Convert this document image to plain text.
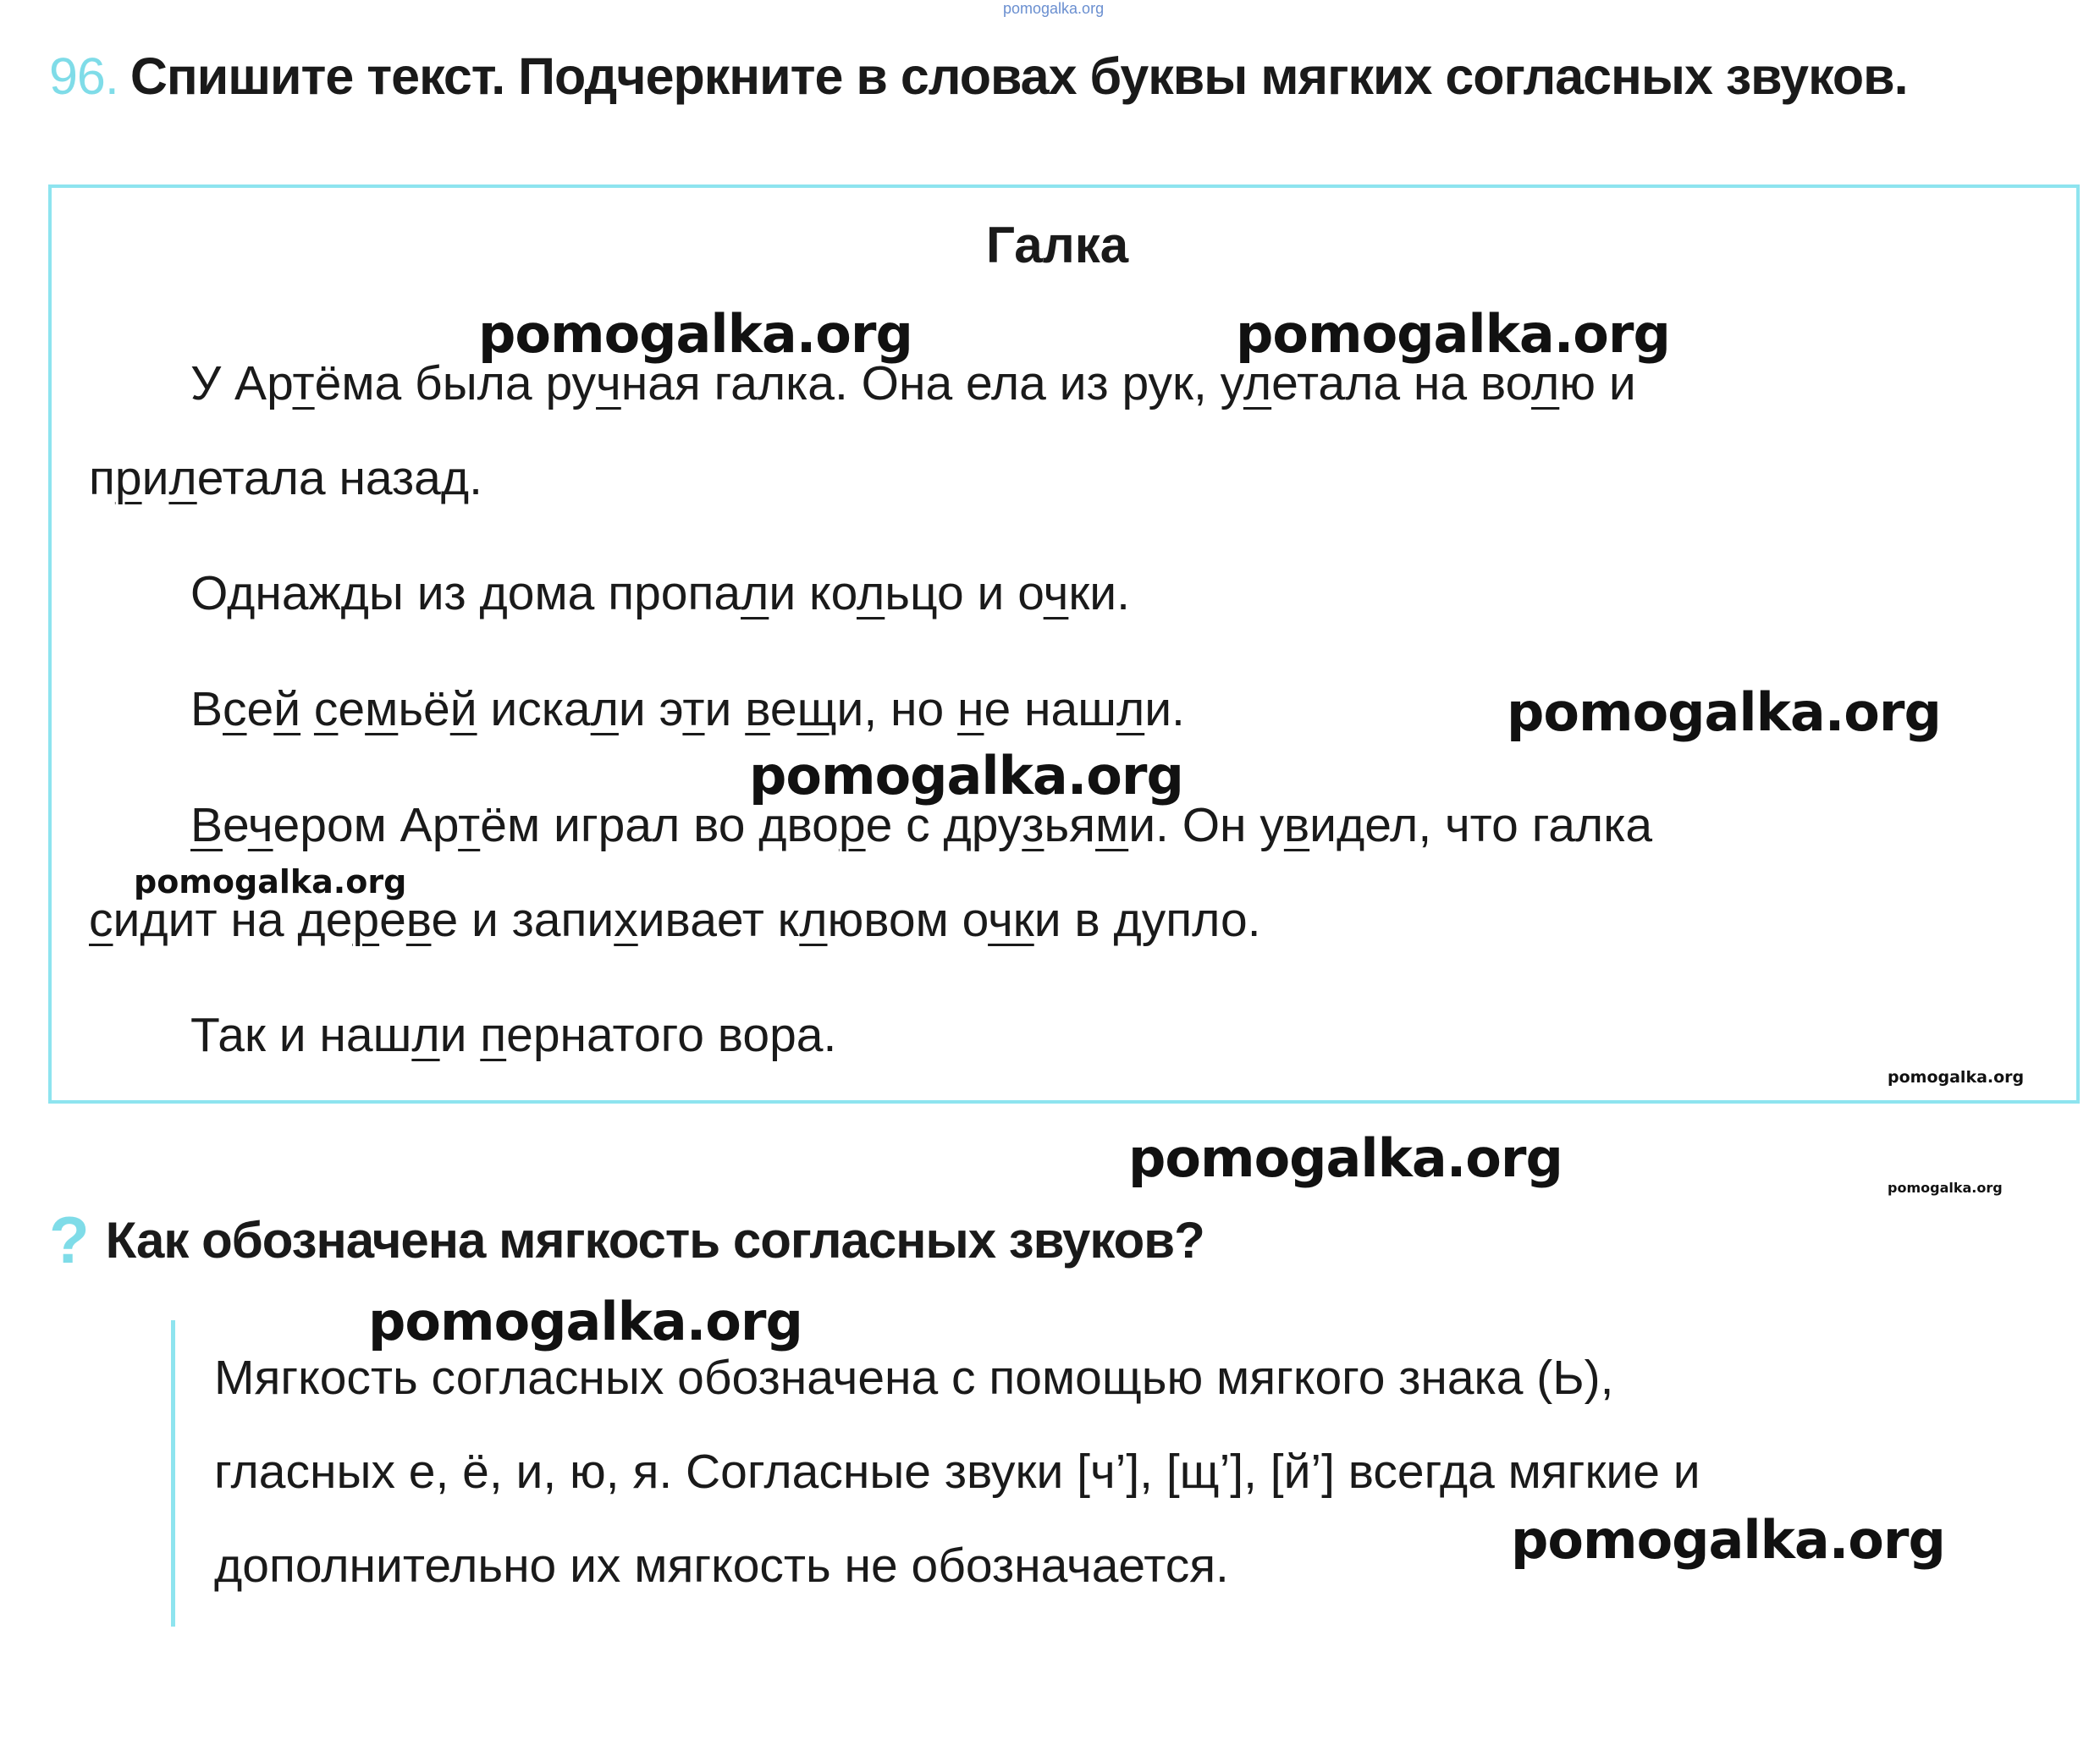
pomogalka.org
96. Спишите текст. Подчеркните в словах буквы мягких согласных звуков.
Галка
У Артёма была ручная галка. Она ела из рук, улетала на волю и
прилетала назад.
Однажды из дома пропали кольцо и очки.
Всей семьёй искали эти вещи, но не нашли.
Вечером Артём играл во дворе с друзьями. Он увидел, что галка
сидит на дереве и запихивает клювом очки в дупло.
Так и нашли пернатого вора.
pomogalka.org	pomogalka.org
pomogalka.org
pomogalka.org
pomogalka.org
pomogalka.org
pomogalka.org	pomogalka.org
? Как обозначена мягкость согласных звуков?
pomogalka.org
Мягкость согласных обозначена с помощью мягкого знака (Ь),
гласных е, ё, и, ю, я. Согласные звуки [ч’], [щ’], [й’] всегда мягкие и
дополнительно их мягкость не обозначается.	pomogalka.org
